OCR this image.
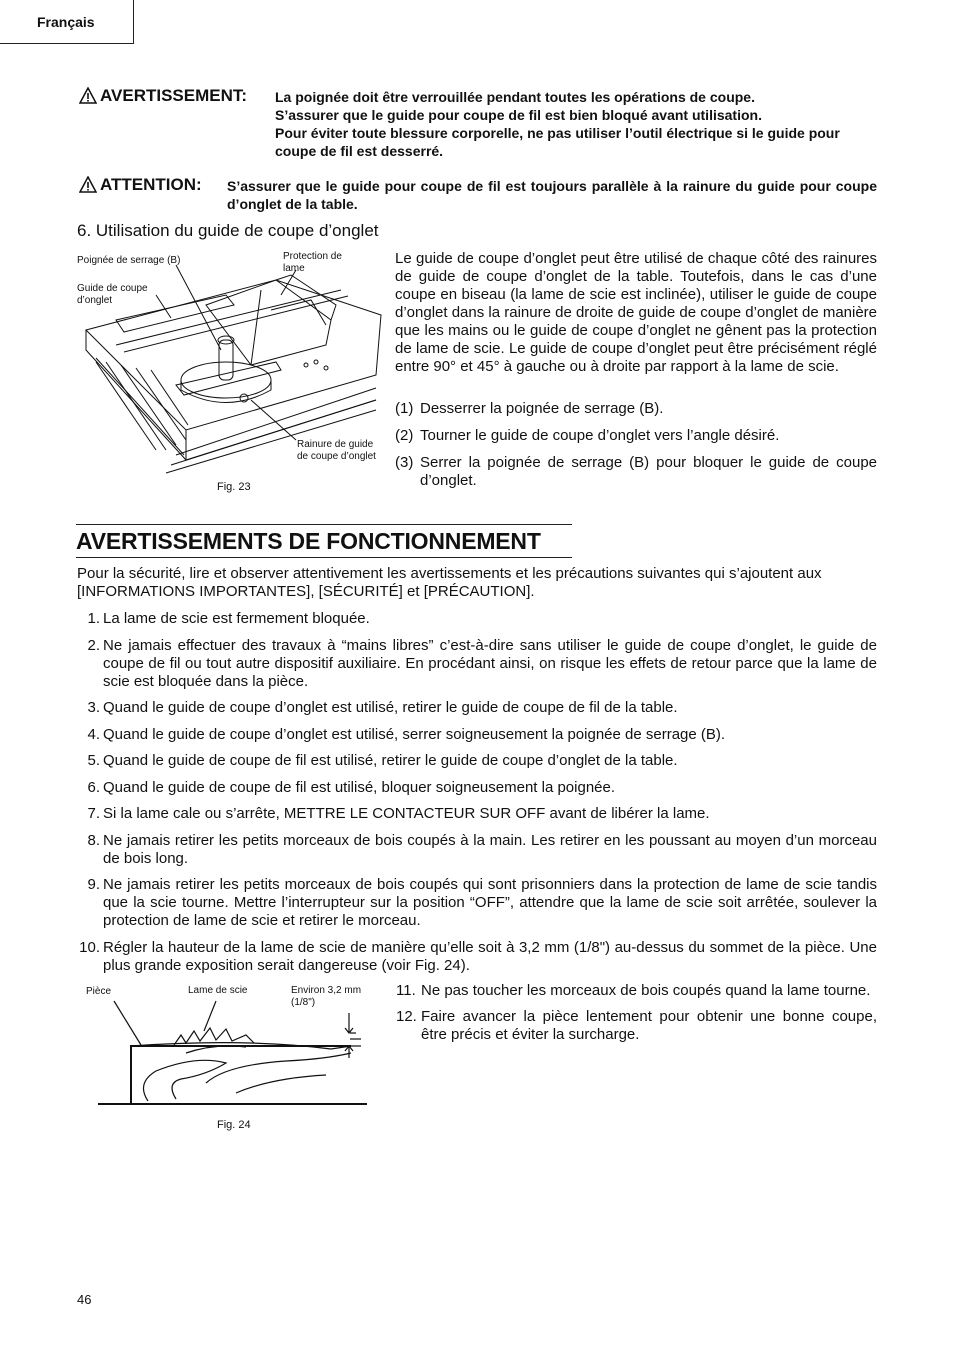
Français
AVERTISSEMENT: La poignée doit être verrouillée pendant toutes les opérations de coupe.
S’assurer que le guide pour coupe de fil est bien bloqué avant utilisation.
Pour éviter toute blessure corporelle, ne pas utiliser l’outil électrique si le guide pour coupe de fil est desserré.
ATTENTION: S’assurer que le guide pour coupe de fil est toujours parallèle à la rainure du guide pour coupe d’onglet de la table.
6. Utilisation du guide de coupe d’onglet
Poignée de serrage (B)
Guide de coupe d’onglet
Protection de lame
Rainure de guide de coupe d’onglet
Fig. 23
Le guide de coupe d’onglet peut être utilisé de chaque côté des rainures de guide de coupe d’onglet de la table. Toutefois, dans le cas d’une coupe en biseau (la lame de scie est inclinée), utiliser le guide de coupe d’onglet dans la rainure de droite de guide de coupe d’onglet de manière que les mains ou le guide de coupe d’onglet ne gênent pas la protection de lame de scie. Le guide de coupe d’onglet peut être précisément réglé entre 90° et 45° à gauche ou à droite par rapport à la lame de scie.
(1) Desserrer la poignée de serrage (B).
(2) Tourner le guide de coupe d’onglet vers l’angle désiré.
(3) Serrer la poignée de serrage (B) pour bloquer le guide de coupe d’onglet.
AVERTISSEMENTS DE FONCTIONNEMENT
Pour la sécurité, lire et observer attentivement les avertissements et les précautions suivantes qui s’ajoutent aux [INFORMATIONS IMPORTANTES], [SÉCURITÉ] et [PRÉCAUTION].
1. La lame de scie est fermement bloquée.
2. Ne jamais effectuer des travaux à “mains libres” c’est-à-dire sans utiliser le guide de coupe d’onglet, le guide de coupe de fil ou tout autre dispositif auxiliaire. En procédant ainsi, on risque les effets de retour parce que la lame de scie est bloquée dans la pièce.
3. Quand le guide de coupe d’onglet est utilisé, retirer le guide de coupe de fil de la table.
4. Quand le guide de coupe d’onglet est utilisé, serrer soigneusement la poignée de serrage (B).
5. Quand le guide de coupe de fil est utilisé, retirer le guide de coupe d’onglet de la table.
6. Quand le guide de coupe de fil est utilisé, bloquer soigneusement la poignée.
7. Si la lame cale ou s’arrête, METTRE LE CONTACTEUR SUR OFF avant de libérer la lame.
8. Ne jamais retirer les petits morceaux de bois coupés à la main. Les retirer en les poussant au moyen d’un morceau de bois long.
9. Ne jamais retirer les petits morceaux de bois coupés qui sont prisonniers dans la protection de lame de scie tandis que la scie tourne. Mettre l’interrupteur sur la position “OFF”, attendre que la lame de scie soit arrêtée, soulever la protection de lame de scie et retirer le morceau.
10. Régler la hauteur de la lame de scie de manière qu’elle soit à 3,2 mm (1/8") au-dessus du sommet de la pièce. Une plus grande exposition serait dangereuse (voir Fig. 24).
Pièce	Lame de scie	Environ 3,2 mm (1/8")
Fig. 24
11. Ne pas toucher les morceaux de bois coupés quand la lame tourne.
12. Faire avancer la pièce lentement pour obtenir une bonne coupe, être précis et éviter la surcharge.
46
